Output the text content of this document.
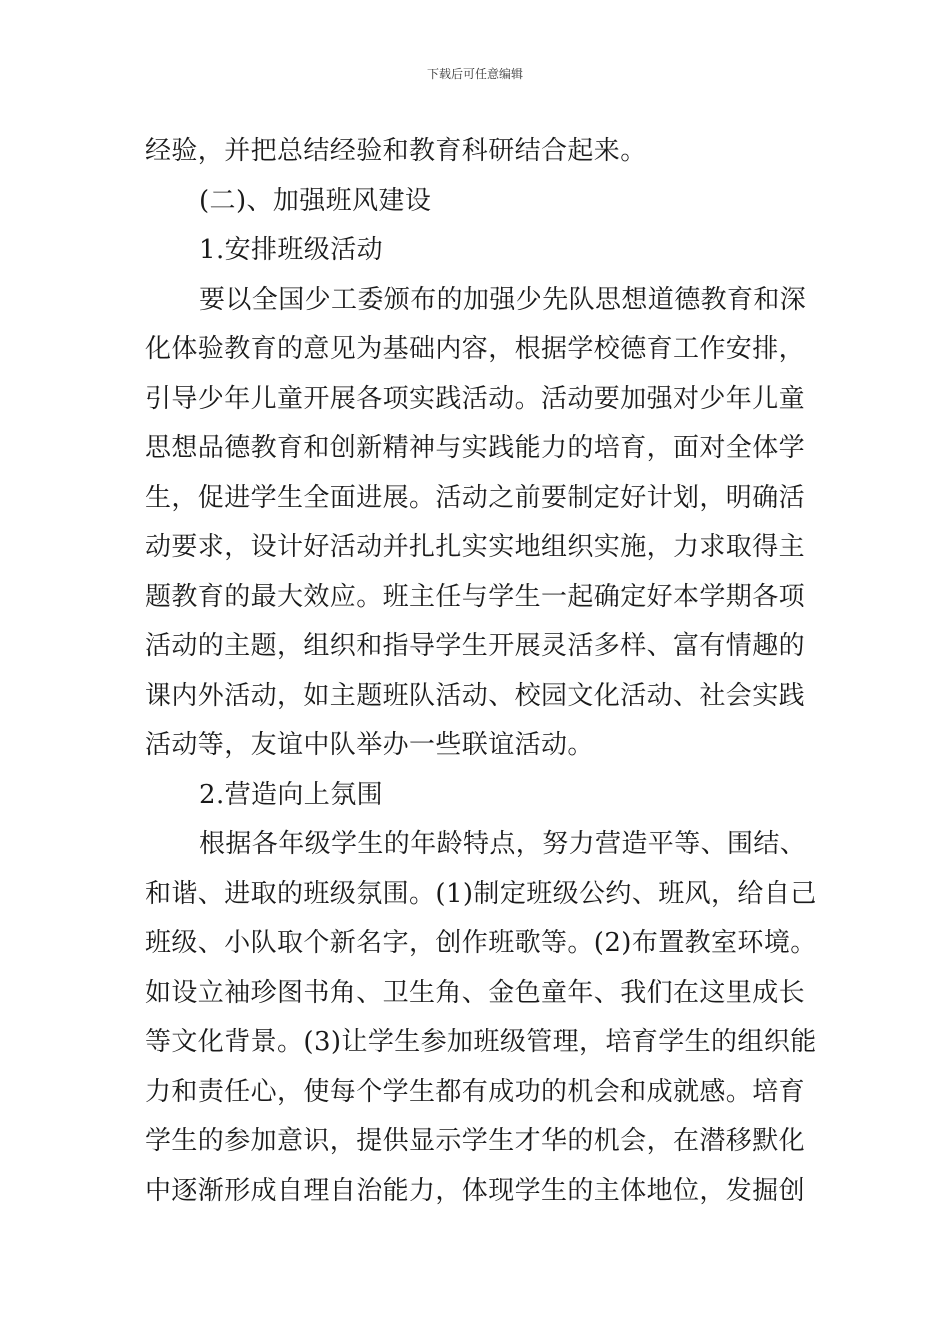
下载后可任意编辑
经验，并把总结经验和教育科研结合起来。
(二)、加强班风建设
1.安排班级活动
要以全国少工委颁布的加强少先队思想道德教育和深
化体验教育的意见为基础内容，根据学校德育工作安排，
引导少年儿童开展各项实践活动。活动要加强对少年儿童
思想品德教育和创新精神与实践能力的培育，面对全体学
生，促进学生全面进展。活动之前要制定好计划，明确活
动要求，设计好活动并扎扎实实地组织实施，力求取得主
题教育的最大效应。班主任与学生一起确定好本学期各项
活动的主题，组织和指导学生开展灵活多样、富有情趣的
课内外活动，如主题班队活动、校园文化活动、社会实践
活动等，友谊中队举办一些联谊活动。
2.营造向上氛围
根据各年级学生的年龄特点，努力营造平等、围结、
和谐、进取的班级氛围。(1)制定班级公约、班风，给自己
班级、小队取个新名字，创作班歌等。(2)布置教室环境。
如设立袖珍图书角、卫生角、金色童年、我们在这里成长
等文化背景。(3)让学生参加班级管理，培育学生的组织能
力和责任心，使每个学生都有成功的机会和成就感。培育
学生的参加意识，提供显示学生才华的机会，在潜移默化
中逐渐形成自理自治能力，体现学生的主体地位，发掘创
